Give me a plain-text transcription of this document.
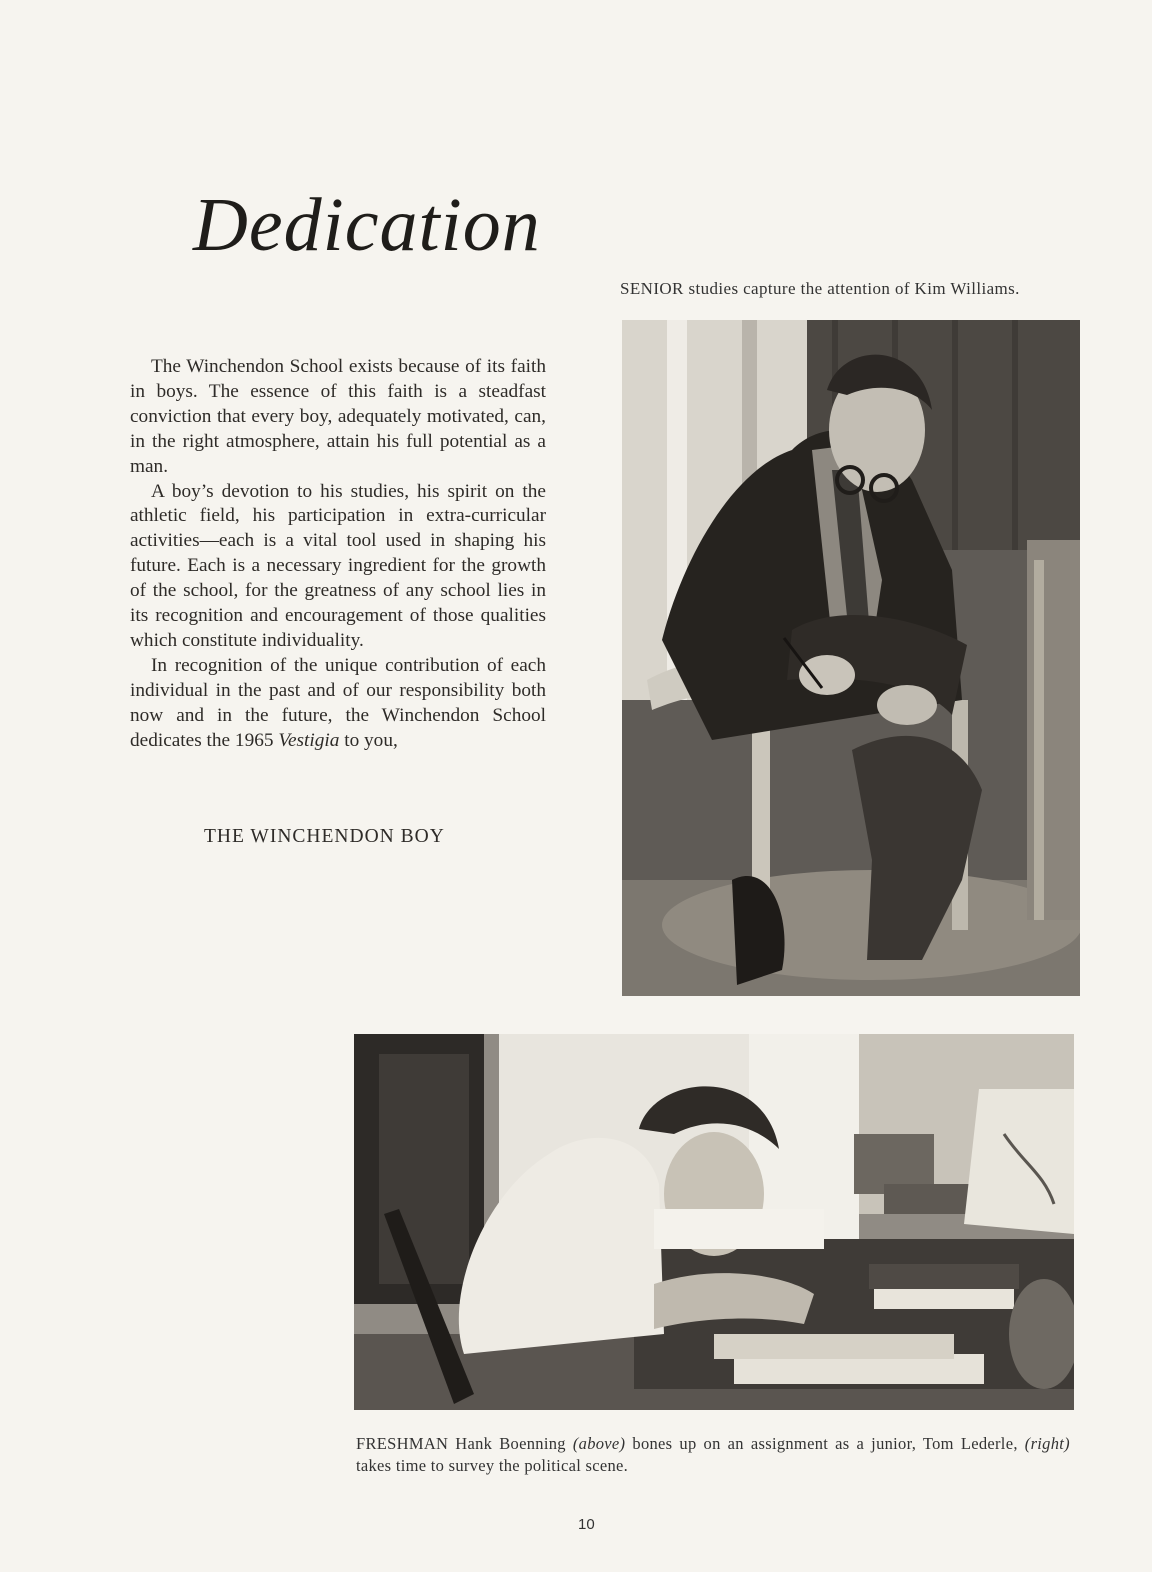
Dedication
SENIOR studies capture the attention of Kim Williams.

The Winchendon School exists because of its faith in boys. The essence of this faith is a steadfast conviction that every boy, adequately motivated, can, in the right atmosphere, attain his full potential as a man.

A boy’s devotion to his studies, his spirit on the athletic field, his participation in extra-curricular activities—each is a vital tool used in shaping his future. Each is a necessary ingredient for the growth of the school, for the greatness of any school lies in its recognition and encouragement of those qualities which constitute individuality.

In recognition of the unique contribution of each individual in the past and of our responsibility both now and in the future, the Winchendon School dedicates the 1965 Vestigia to you,

THE WINCHENDON BOY
FRESHMAN Hank Boenning (above) bones up on an assignment as a junior, Tom Lederle, (right) takes time to survey the political scene.
10
